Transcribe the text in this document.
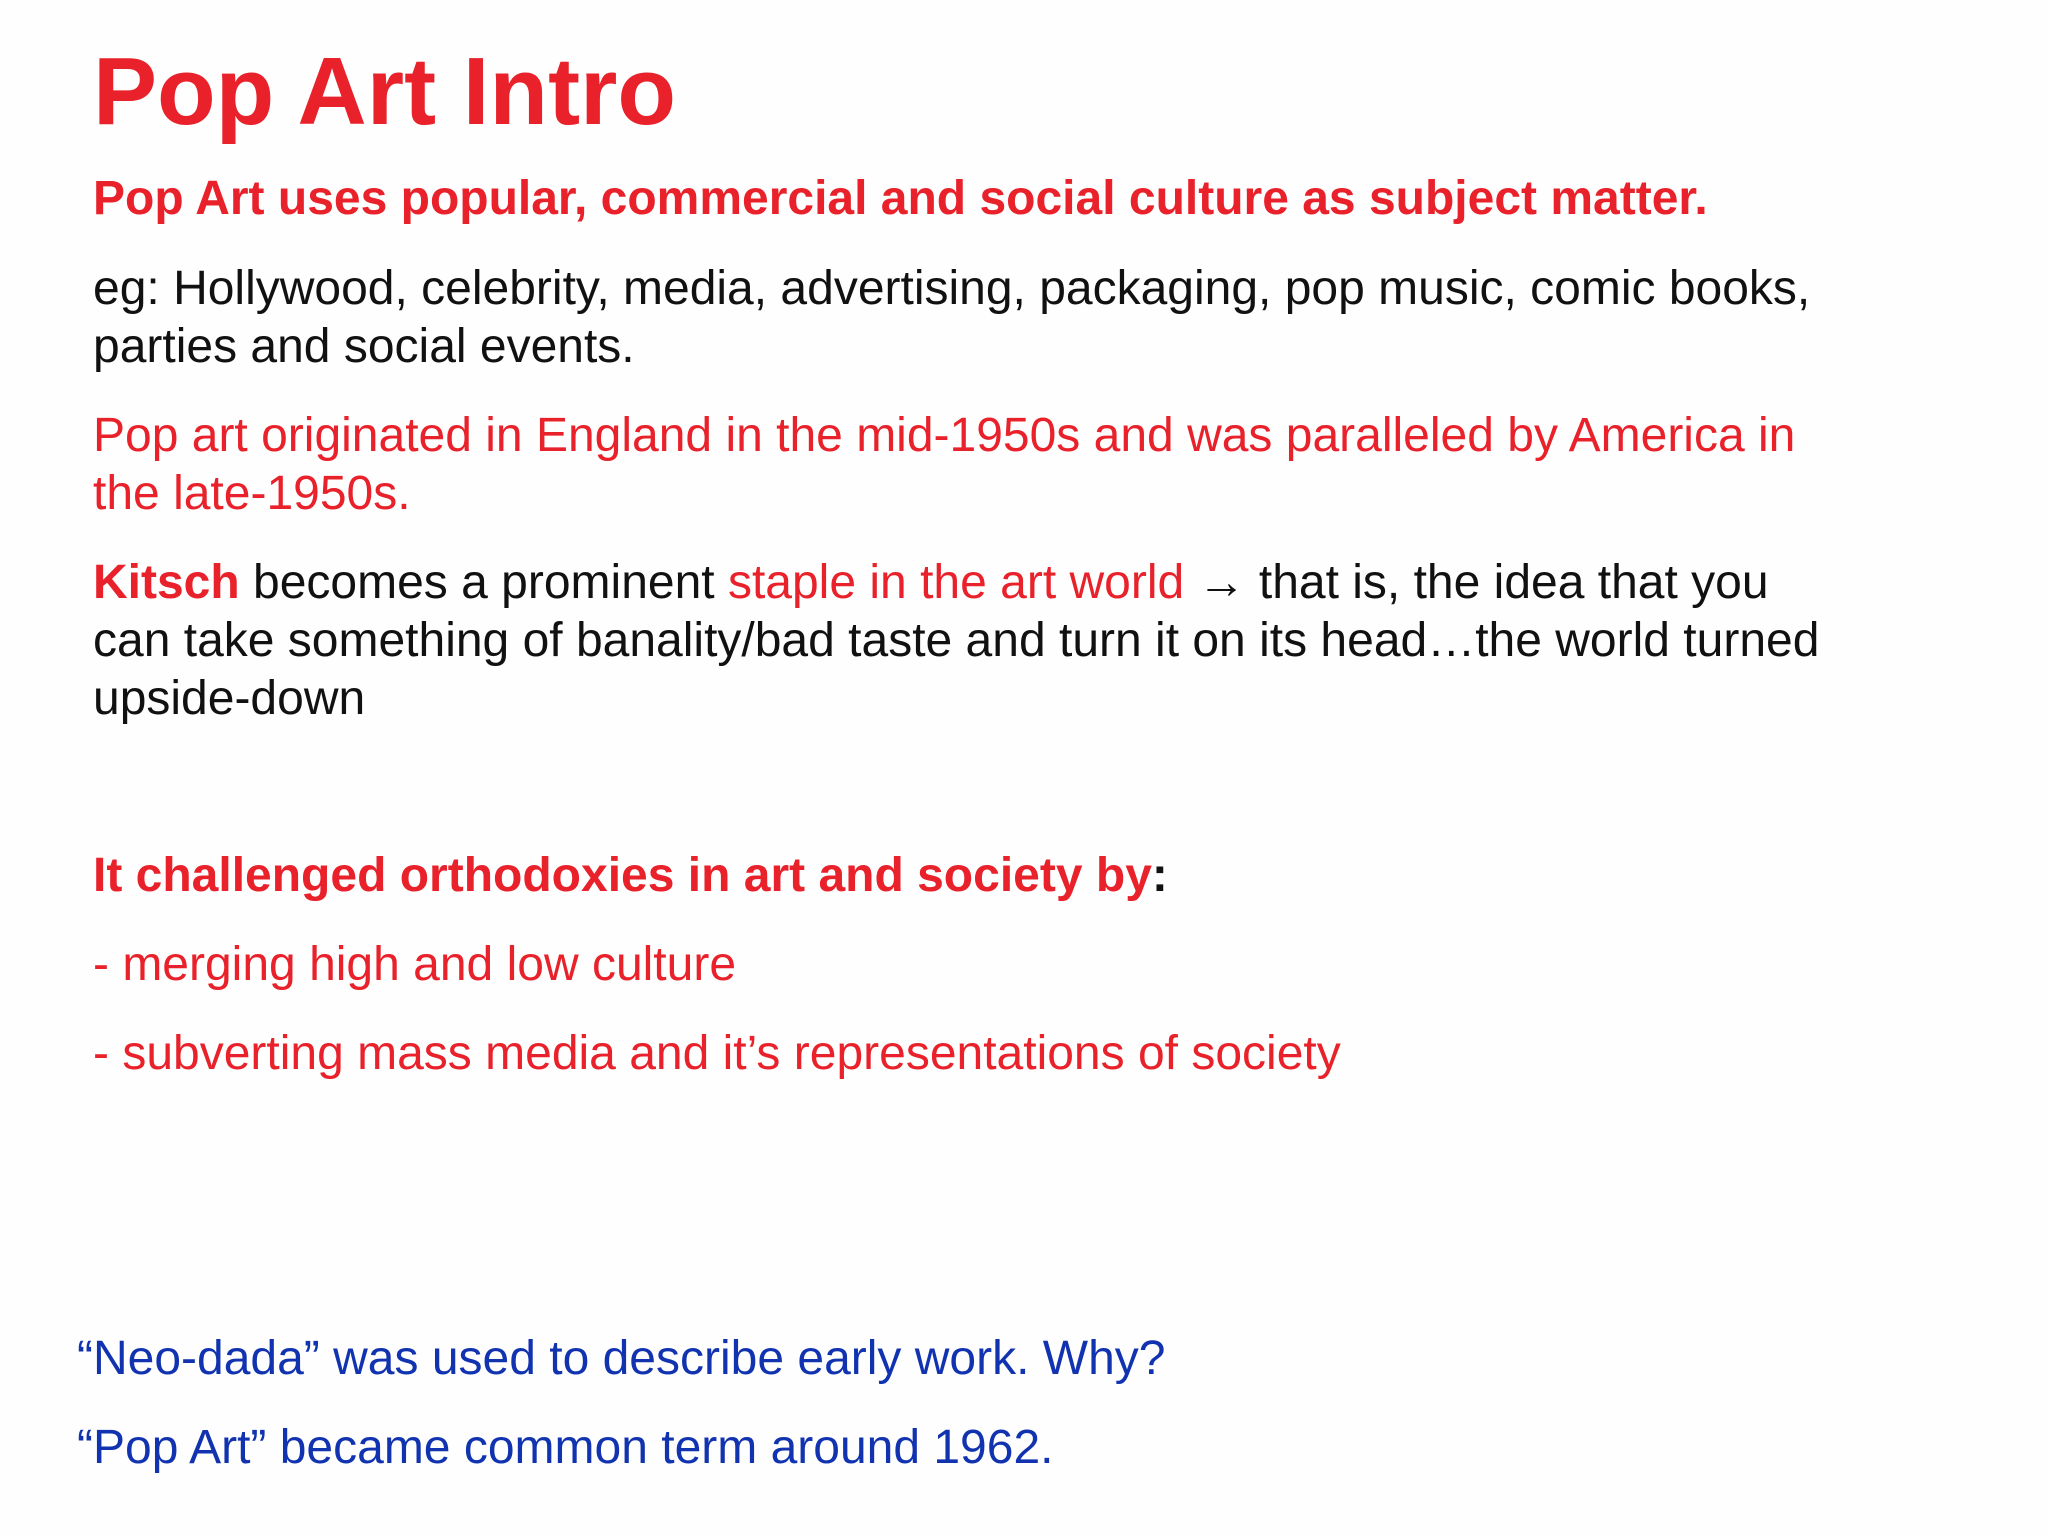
Pop Art Intro

Pop Art uses popular, commercial and social culture as subject matter.

eg: Hollywood, celebrity, media, advertising, packaging, pop music, comic books,
parties and social events.

Pop art originated in England in the mid-1950s and was paralleled by America in
the late-1950s.

Kitsch becomes a prominent staple in the art world → that is, the idea that you
can take something of banality/bad taste and turn it on its head…the world turned
upside-down

It challenged orthodoxies in art and society by:

- merging high and low culture

- subverting mass media and it’s representations of society

“Neo-dada” was used to describe early work. Why?

“Pop Art” became common term around 1962.
